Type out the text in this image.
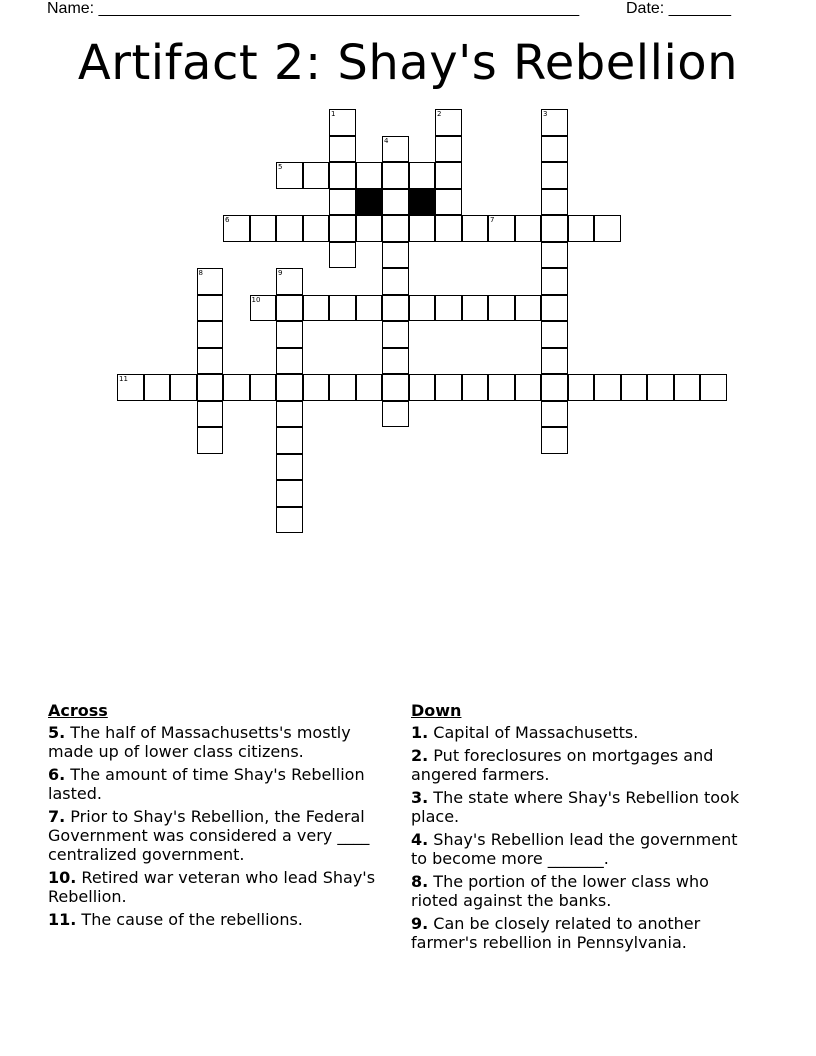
Name: ______________________________________________________	Date: _______
Artifact 2: Shay's Rebellion
1	2	3
4
5
6	7
8	9
10
11
Across
5. The half of Massachusetts's mostly made up of lower class citizens.
6. The amount of time Shay's Rebellion lasted.
7. Prior to Shay's Rebellion, the Federal Government was considered a very ____ centralized government.
10. Retired war veteran who lead Shay's Rebellion.
11. The cause of the rebellions.
Down
1. Capital of Massachusetts.
2. Put foreclosures on mortgages and angered farmers.
3. The state where Shay's Rebellion took place.
4. Shay's Rebellion lead the government to become more _______.
8. The portion of the lower class who rioted against the banks.
9. Can be closely related to another farmer's rebellion in Pennsylvania.
